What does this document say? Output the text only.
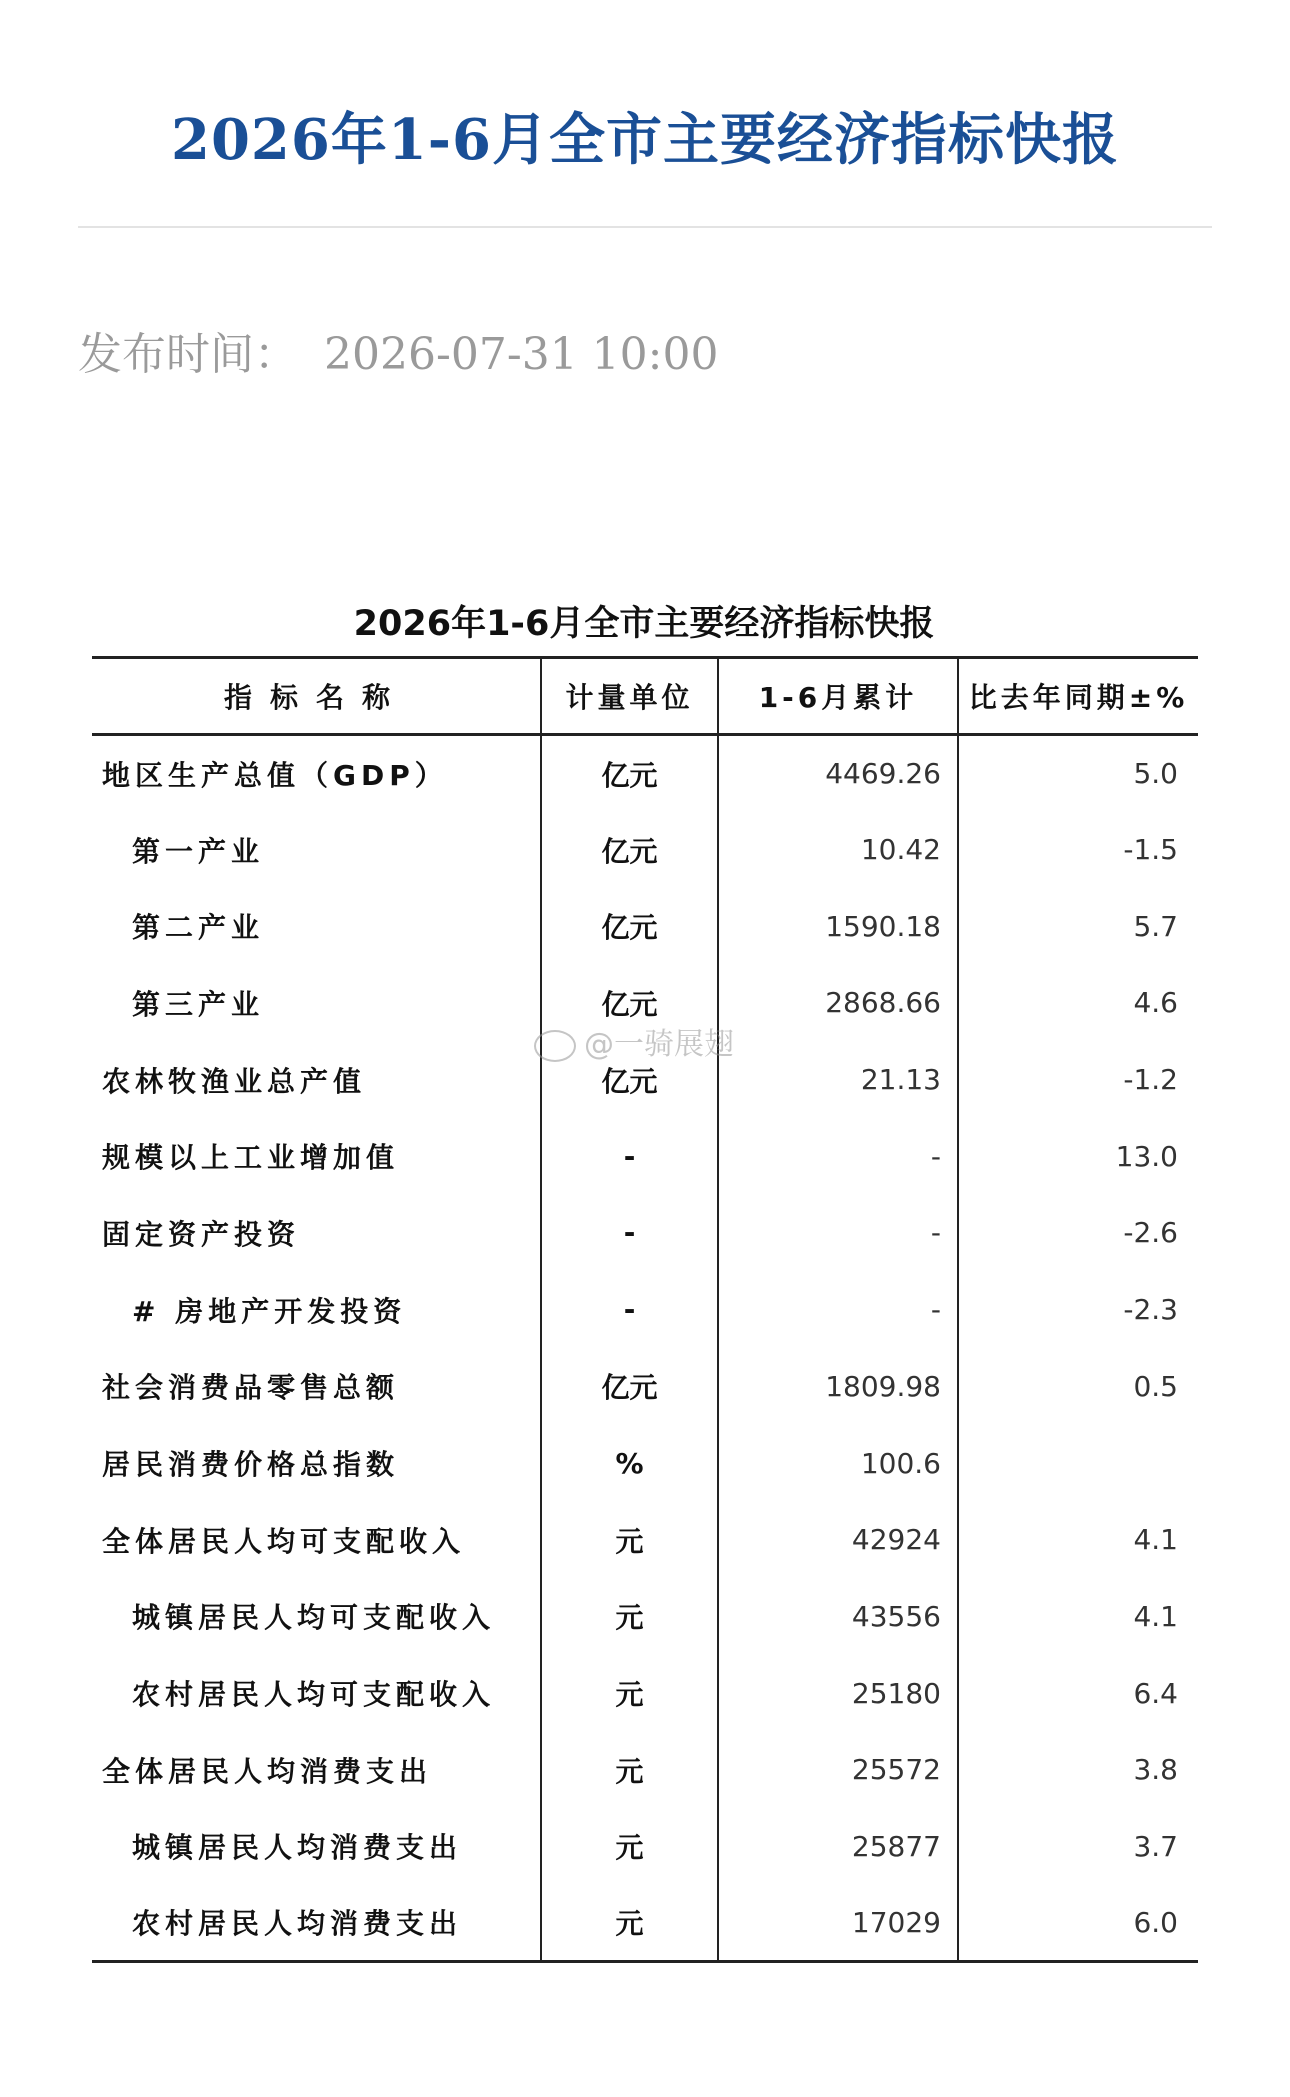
2026年1-6月全市主要经济指标快报
发布时间： 2026-07-31 10:00
2026年1-6月全市主要经济指标快报
指标名称	计量单位	1-6月累计	比去年同期±%
地区生产总值（GDP）	亿元	4469.26	5.0
第一产业	亿元	10.42	-1.5
第二产业	亿元	1590.18	5.7
第三产业	亿元	2868.66	4.6
农林牧渔业总产值	亿元	21.13	-1.2
规模以上工业增加值	-	-	13.0
固定资产投资	-	-	-2.6
# 房地产开发投资	-	-	-2.3
社会消费品零售总额	亿元	1809.98	0.5
居民消费价格总指数	%	100.6	
全体居民人均可支配收入	元	42924	4.1
城镇居民人均可支配收入	元	43556	4.1
农村居民人均可支配收入	元	25180	6.4
全体居民人均消费支出	元	25572	3.8
城镇居民人均消费支出	元	25877	3.7
农村居民人均消费支出	元	17029	6.0
@一骑展翅
